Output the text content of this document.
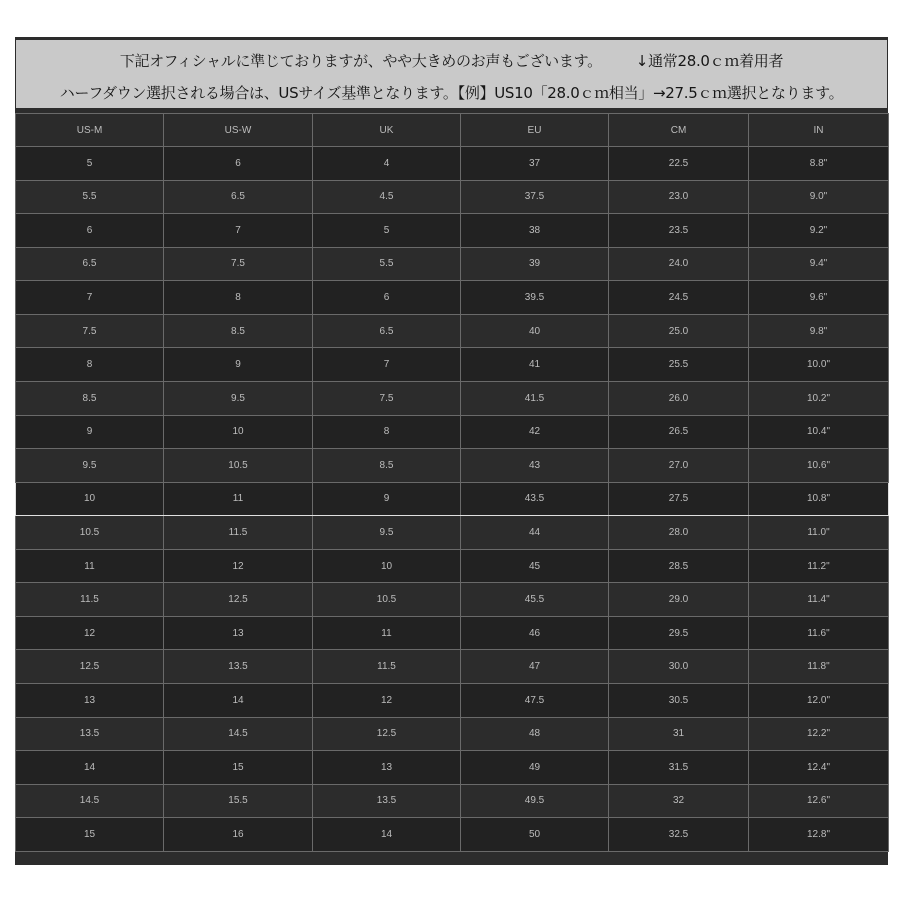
下記オフィシャルに準じておりますが、やや大きめのお声もございます。 ↓通常28.0ｃｍ着用者
ハーフダウン選択される場合は、USサイズ基準となります。【例】US10「28.0ｃｍ相当」→27.5ｃｍ選択となります。
US-M	US-W	UK	EU	CM	IN
5	6	4	37	22.5	8.8"
5.5	6.5	4.5	37.5	23.0	9.0"
6	7	5	38	23.5	9.2"
6.5	7.5	5.5	39	24.0	9.4"
7	8	6	39.5	24.5	9.6"
7.5	8.5	6.5	40	25.0	9.8"
8	9	7	41	25.5	10.0"
8.5	9.5	7.5	41.5	26.0	10.2"
9	10	8	42	26.5	10.4"
9.5	10.5	8.5	43	27.0	10.6"
10	11	9	43.5	27.5	10.8"
10.5	11.5	9.5	44	28.0	11.0"
11	12	10	45	28.5	11.2"
11.5	12.5	10.5	45.5	29.0	11.4"
12	13	11	46	29.5	11.6"
12.5	13.5	11.5	47	30.0	11.8"
13	14	12	47.5	30.5	12.0"
13.5	14.5	12.5	48	31	12.2"
14	15	13	49	31.5	12.4"
14.5	15.5	13.5	49.5	32	12.6"
15	16	14	50	32.5	12.8"
